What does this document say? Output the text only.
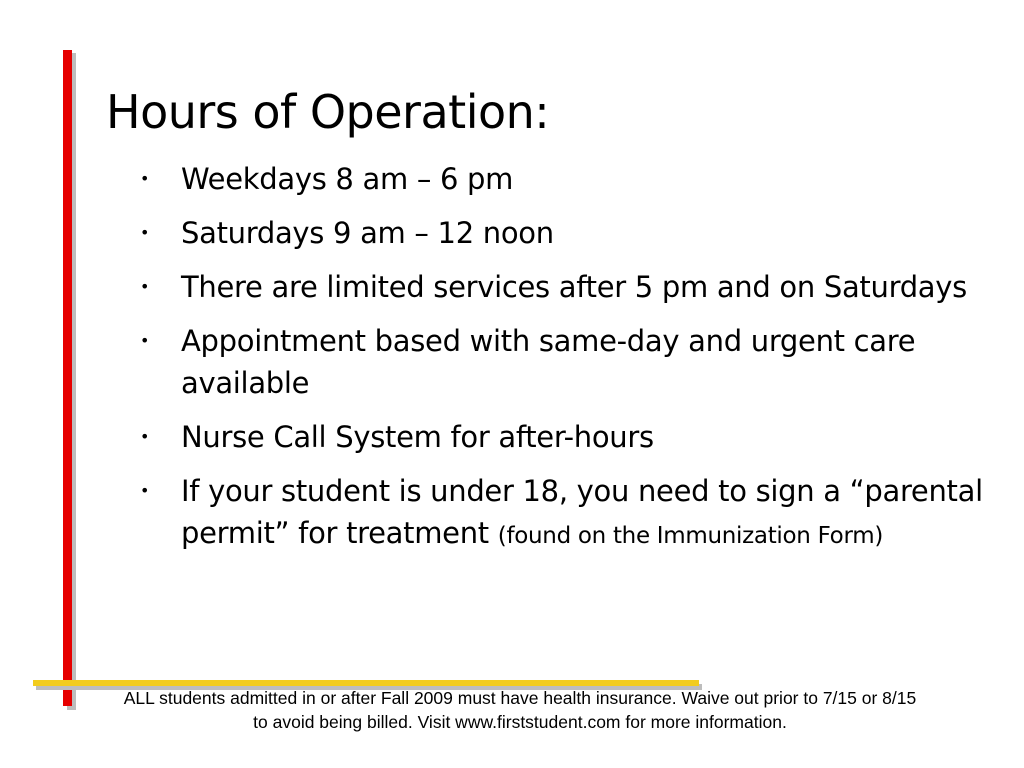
Hours of Operation:
• Weekdays 8 am – 6 pm
• Saturdays 9 am – 12 noon
• There are limited services after 5 pm and on Saturdays
• Appointment based with same-day and urgent care available
• Nurse Call System for after-hours
• If your student is under 18, you need to sign a “parental permit” for treatment (found on the Immunization Form)
ALL students admitted in or after Fall 2009 must have health insurance. Waive out prior to 7/15 or 8/15 to avoid being billed. Visit www.firststudent.com for more information.
